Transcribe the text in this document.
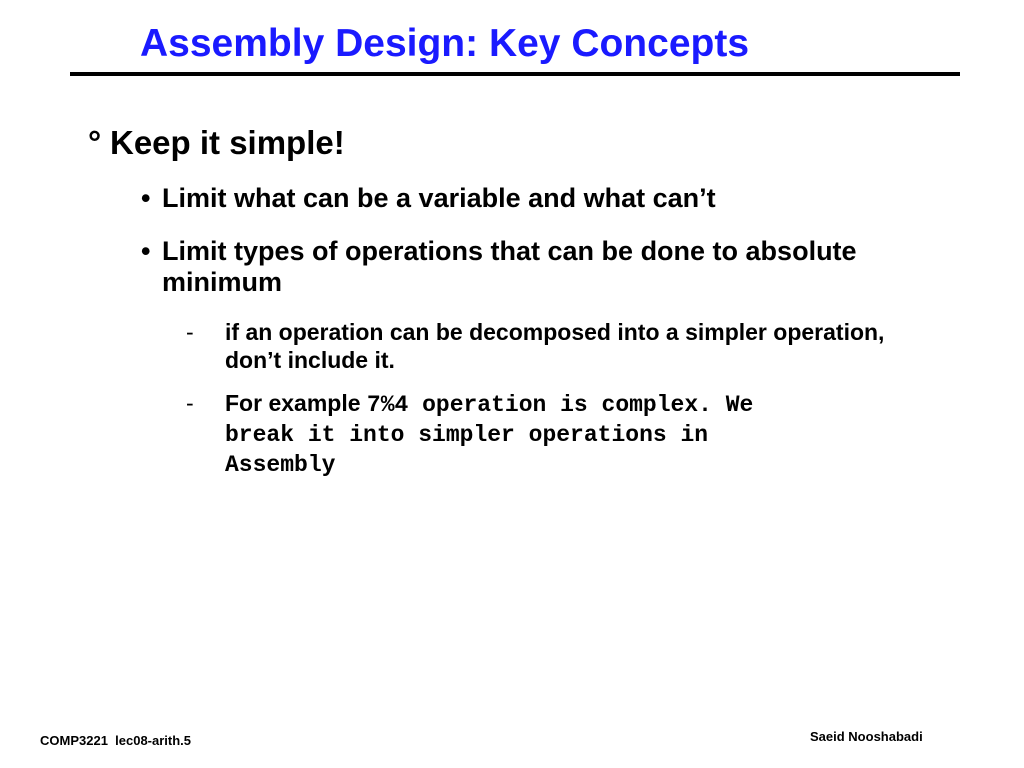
Assembly Design: Key Concepts
° Keep it simple!
• Limit what can be a variable and what can’t
• Limit types of operations that can be done to absolute minimum
- if an operation can be decomposed into a simpler operation, don’t include it.
- For example 7%4 operation is complex. We
break it into simpler operations in
Assembly
COMP3221  lec08-arith.5	Saeid Nooshabadi
